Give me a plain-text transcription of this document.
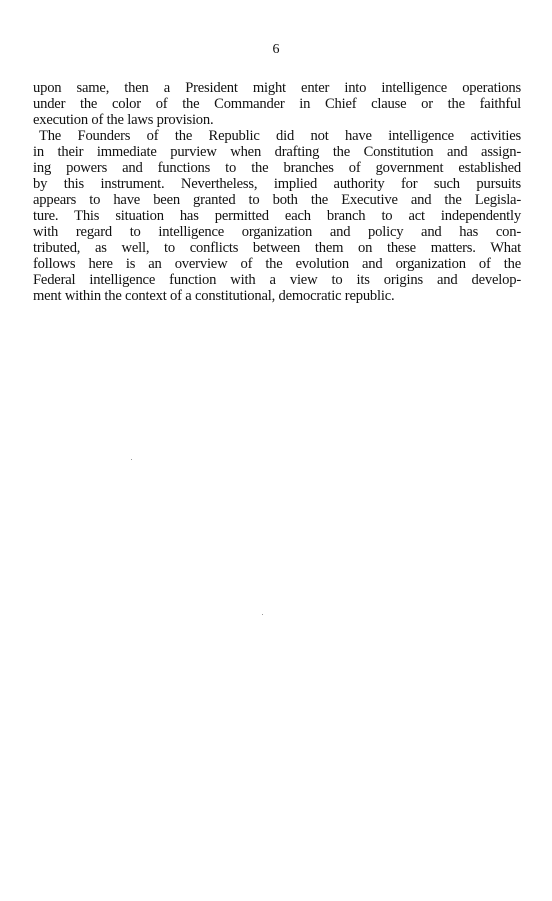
6
upon same, then a President might enter into intelligence operations
under the color of the Commander in Chief clause or the faithful
execution of the laws provision.
The Founders of the Republic did not have intelligence activities
in their immediate purview when drafting the Constitution and assign-
ing powers and functions to the branches of government established
by this instrument. Nevertheless, implied authority for such pursuits
appears to have been granted to both the Executive and the Legisla-
ture. This situation has permitted each branch to act independently
with regard to intelligence organization and policy and has con-
tributed, as well, to conflicts between them on these matters. What
follows here is an overview of the evolution and organization of the
Federal intelligence function with a view to its origins and develop-
ment within the context of a constitutional, democratic republic.
